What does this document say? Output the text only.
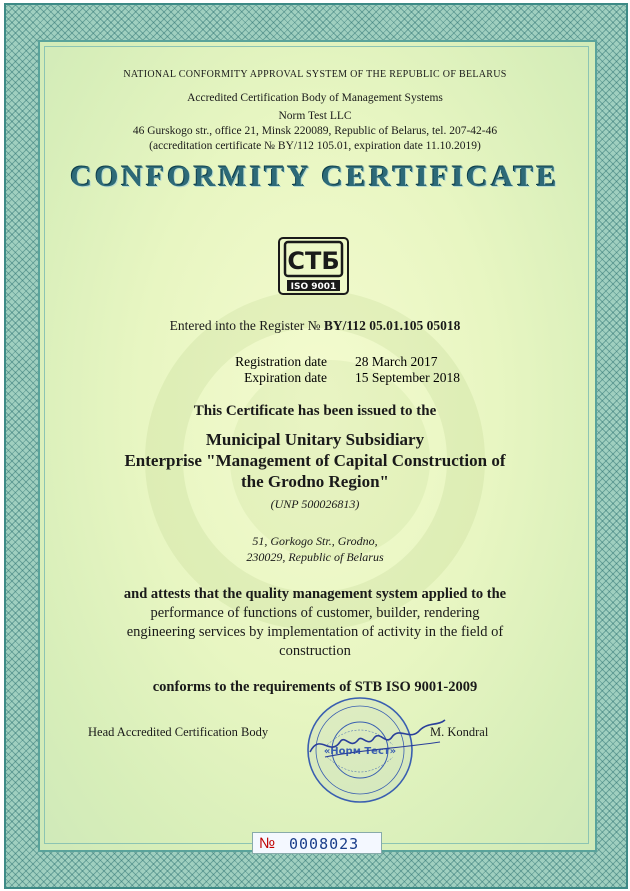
NATIONAL CONFORMITY APPROVAL SYSTEM OF THE REPUBLIC OF BELARUS
Accredited Certification Body of Management Systems
Norm Test LLC
46 Gurskogo str., office 21, Minsk 220089, Republic of Belarus, tel. 207-42-46
(accreditation certificate № BY/112 105.01, expiration date 11.10.2019)
CONFORMITY CERTIFICATE
СТБ
ISO 9001
Entered into the Register № BY/112 05.01.105 05018
Registration date 28 March 2017
Expiration date 15 September 2018
This Certificate has been issued to the
Municipal Unitary Subsidiary
Enterprise "Management of Capital Construction of
the Grodno Region"
(UNP 500026813)
51, Gorkogo Str., Grodno,
230029, Republic of Belarus
and attests that the quality management system applied to the
performance of functions of customer, builder, rendering
engineering services by implementation of activity in the field of
construction
conforms to the requirements of STB ISO 9001-2009
Head Accredited Certification Body
«Норм Тест»
M. Kondral
№ 0008023
